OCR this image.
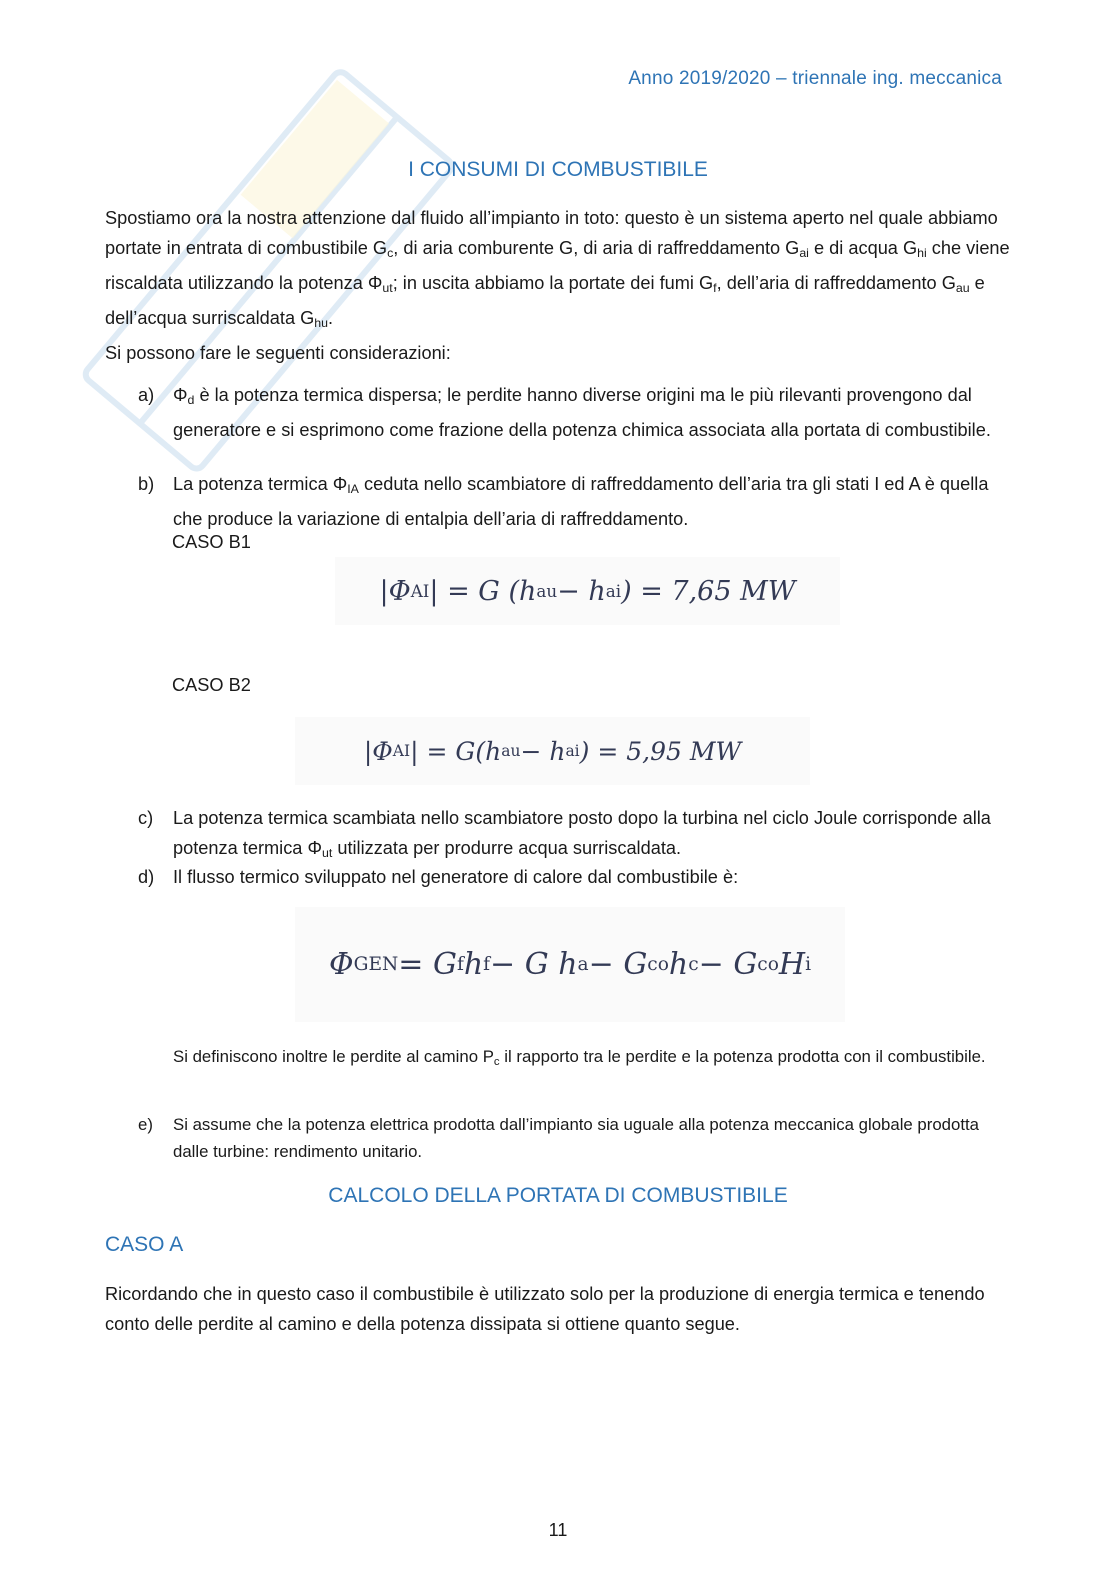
Anno 2019/2020 – triennale ing. meccanica
I CONSUMI DI COMBUSTIBILE
Spostiamo ora la nostra attenzione dal fluido all’impianto in toto: questo è un sistema aperto nel quale abbiamo portate in entrata di combustibile $G_c$, di aria comburente G, di aria di raffreddamento $G_{ai}$ e di acqua $G_{hi}$ che viene riscaldata utilizzando la potenza $\Phi_{ut}$; in uscita abbiamo la portate dei fumi $G_f$, dell’aria di raffreddamento $G_{au}$ e dell’acqua surriscaldata $G_{hu}$.
Si possono fare le seguenti considerazioni:
a) $\Phi_d$ è la potenza termica dispersa; le perdite hanno diverse origini ma le più rilevanti provengono dal generatore e si esprimono come frazione della potenza chimica associata alla portata di combustibile.
b) La potenza termica $\Phi_{IA}$ ceduta nello scambiatore di raffreddamento dell’aria tra gli stati I ed A è quella che produce la variazione di entalpia dell’aria di raffreddamento.
CASO B1
|Φ AI | = G (h au − h ai ) = 7,65 MW
CASO B2
|Φ AI | = G(h au − h ai ) = 5,95 MW
c) La potenza termica scambiata nello scambiatore posto dopo la turbina nel ciclo Joule corrisponde alla potenza termica $\Phi_{ut}$ utilizzata per produrre acqua surriscaldata.
d) Il flusso termico sviluppato nel generatore di calore dal combustibile è:
Φ GEN = G f h f − G h a − G co h c − G co H i
Si definiscono inoltre le perdite al camino $P_c$ il rapporto tra le perdite e la potenza prodotta con il combustibile.
e) Si assume che la potenza elettrica prodotta dall’impianto sia uguale alla potenza meccanica globale prodotta dalle turbine: rendimento unitario.
CALCOLO DELLA PORTATA DI COMBUSTIBILE
CASO A
Ricordando che in questo caso il combustibile è utilizzato solo per la produzione di energia termica e tenendo conto delle perdite al camino e della potenza dissipata si ottiene quanto segue.
11
